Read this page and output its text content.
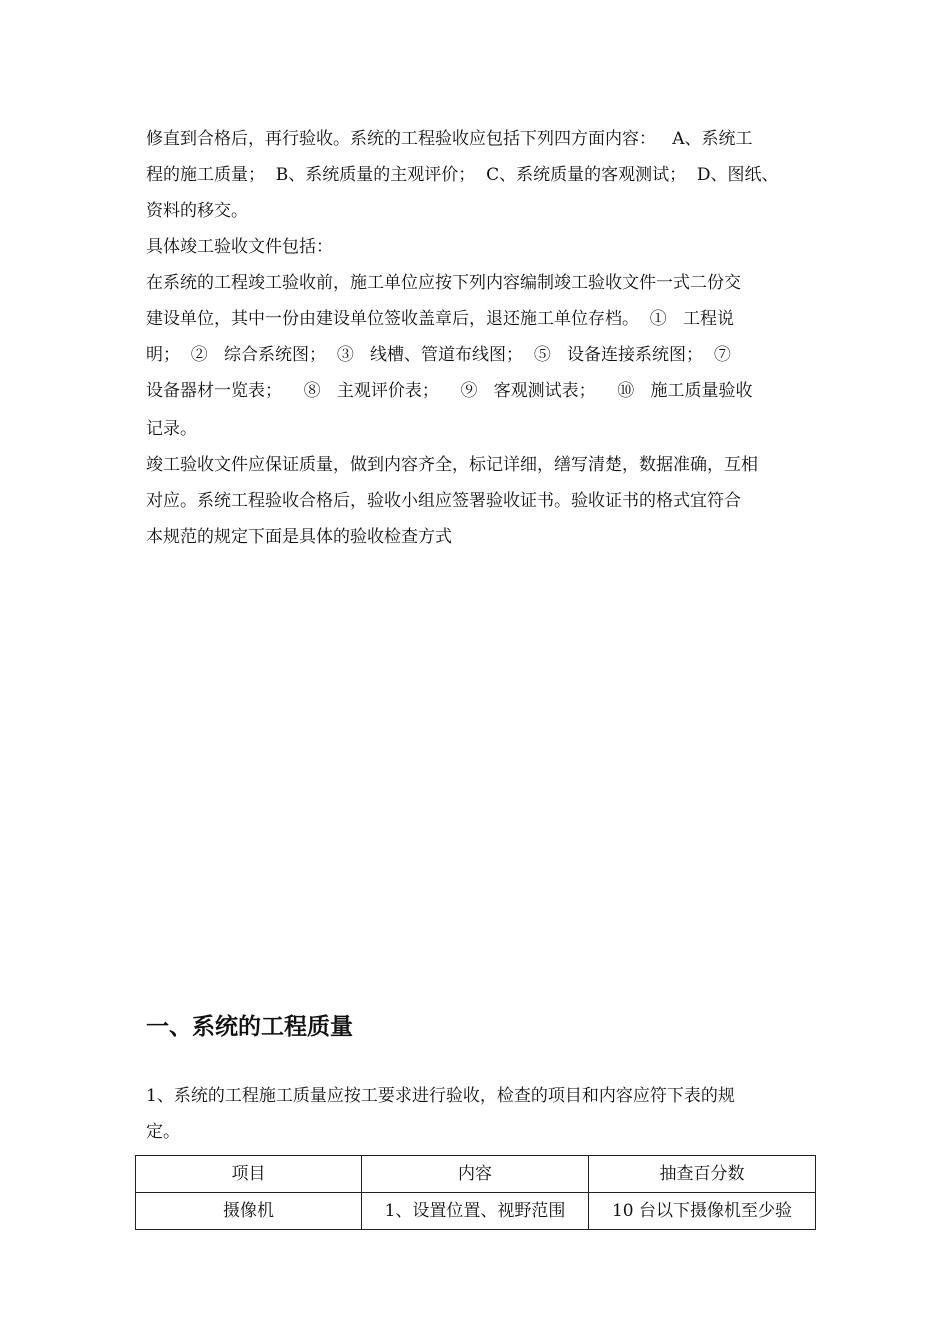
修直到合格后，再行验收。系统的工程验收应包括下列四方面内容：   A、系统工
程的施工质量；  B、系统质量的主观评价；  C、系统质量的客观测试；  D、图纸、
资料的移交。
具体竣工验收文件包括：
在系统的工程竣工验收前，施工单位应按下列内容编制竣工验收文件一式二份交
建设单位，其中一份由建设单位签收盖章后，退还施工单位存档。  ①   工程说
明；  ②   综合系统图；  ③   线槽、管道布线图；  ⑤   设备连接系统图；  ⑦
设备器材一览表；    ⑧   主观评价表；    ⑨   客观测试表；    ⑩   施工质量验收
记录。
竣工验收文件应保证质量，做到内容齐全，标记详细，缮写清楚，数据准确，互相
对应。系统工程验收合格后，验收小组应签署验收证书。验收证书的格式宜符合
本规范的规定下面是具体的验收检查方式
一、系统的工程质量
1、系统的工程施工质量应按工要求进行验收，检查的项目和内容应符下表的规
定。
项目	内容	抽查百分数
摄像机	1、设置位置、视野范围	10 台以下摄像机至少验
